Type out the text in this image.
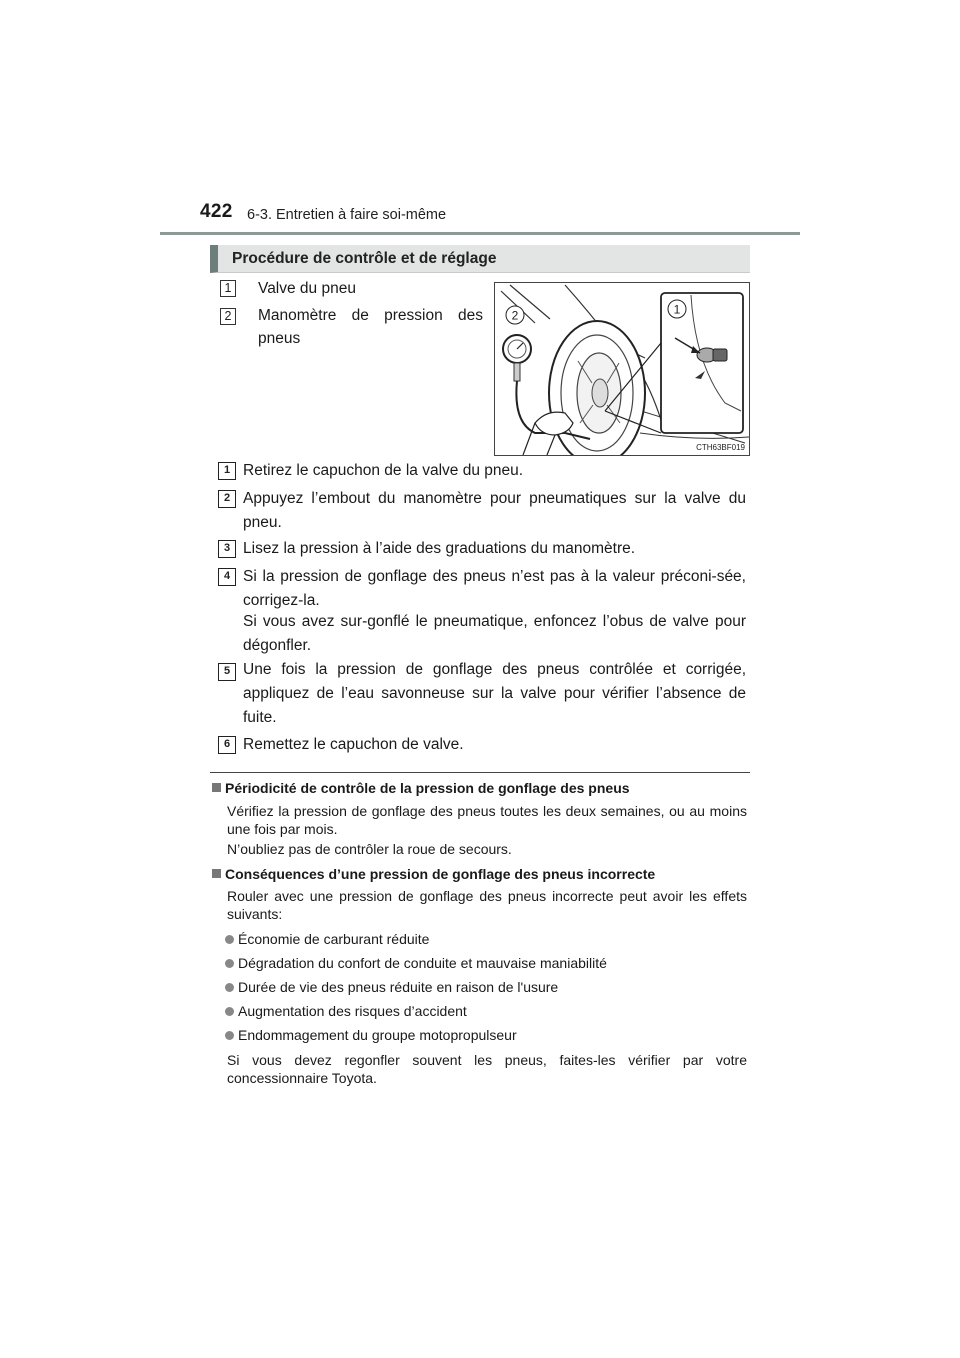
422 6-3. Entretien à faire soi-même
Procédure de contrôle et de réglage
1 Valve du pneu
2 Manomètre de pression des pneus
1
2
CTH63BF019
1 Retirez le capuchon de la valve du pneu.
2 Appuyez l’embout du manomètre pour pneumatiques sur la valve du pneu.
3 Lisez la pression à l’aide des graduations du manomètre.
4 Si la pression de gonflage des pneus n’est pas à la valeur préconi-sée, corrigez-la.
Si vous avez sur-gonflé le pneumatique, enfoncez l’obus de valve pour dégonfler.
5 Une fois la pression de gonflage des pneus contrôlée et corrigée, appliquez de l’eau savonneuse sur la valve pour vérifier l’absence de fuite.
6 Remettez le capuchon de valve.
Périodicité de contrôle de la pression de gonflage des pneus
Vérifiez la pression de gonflage des pneus toutes les deux semaines, ou au moins une fois par mois.
N’oubliez pas de contrôler la roue de secours.
Conséquences d’une pression de gonflage des pneus incorrecte
Rouler avec une pression de gonflage des pneus incorrecte peut avoir les effets suivants:
Économie de carburant réduite
Dégradation du confort de conduite et mauvaise maniabilité
Durée de vie des pneus réduite en raison de l'usure
Augmentation des risques d’accident
Endommagement du groupe motopropulseur
Si vous devez regonfler souvent les pneus, faites-les vérifier par votre concessionnaire Toyota.
